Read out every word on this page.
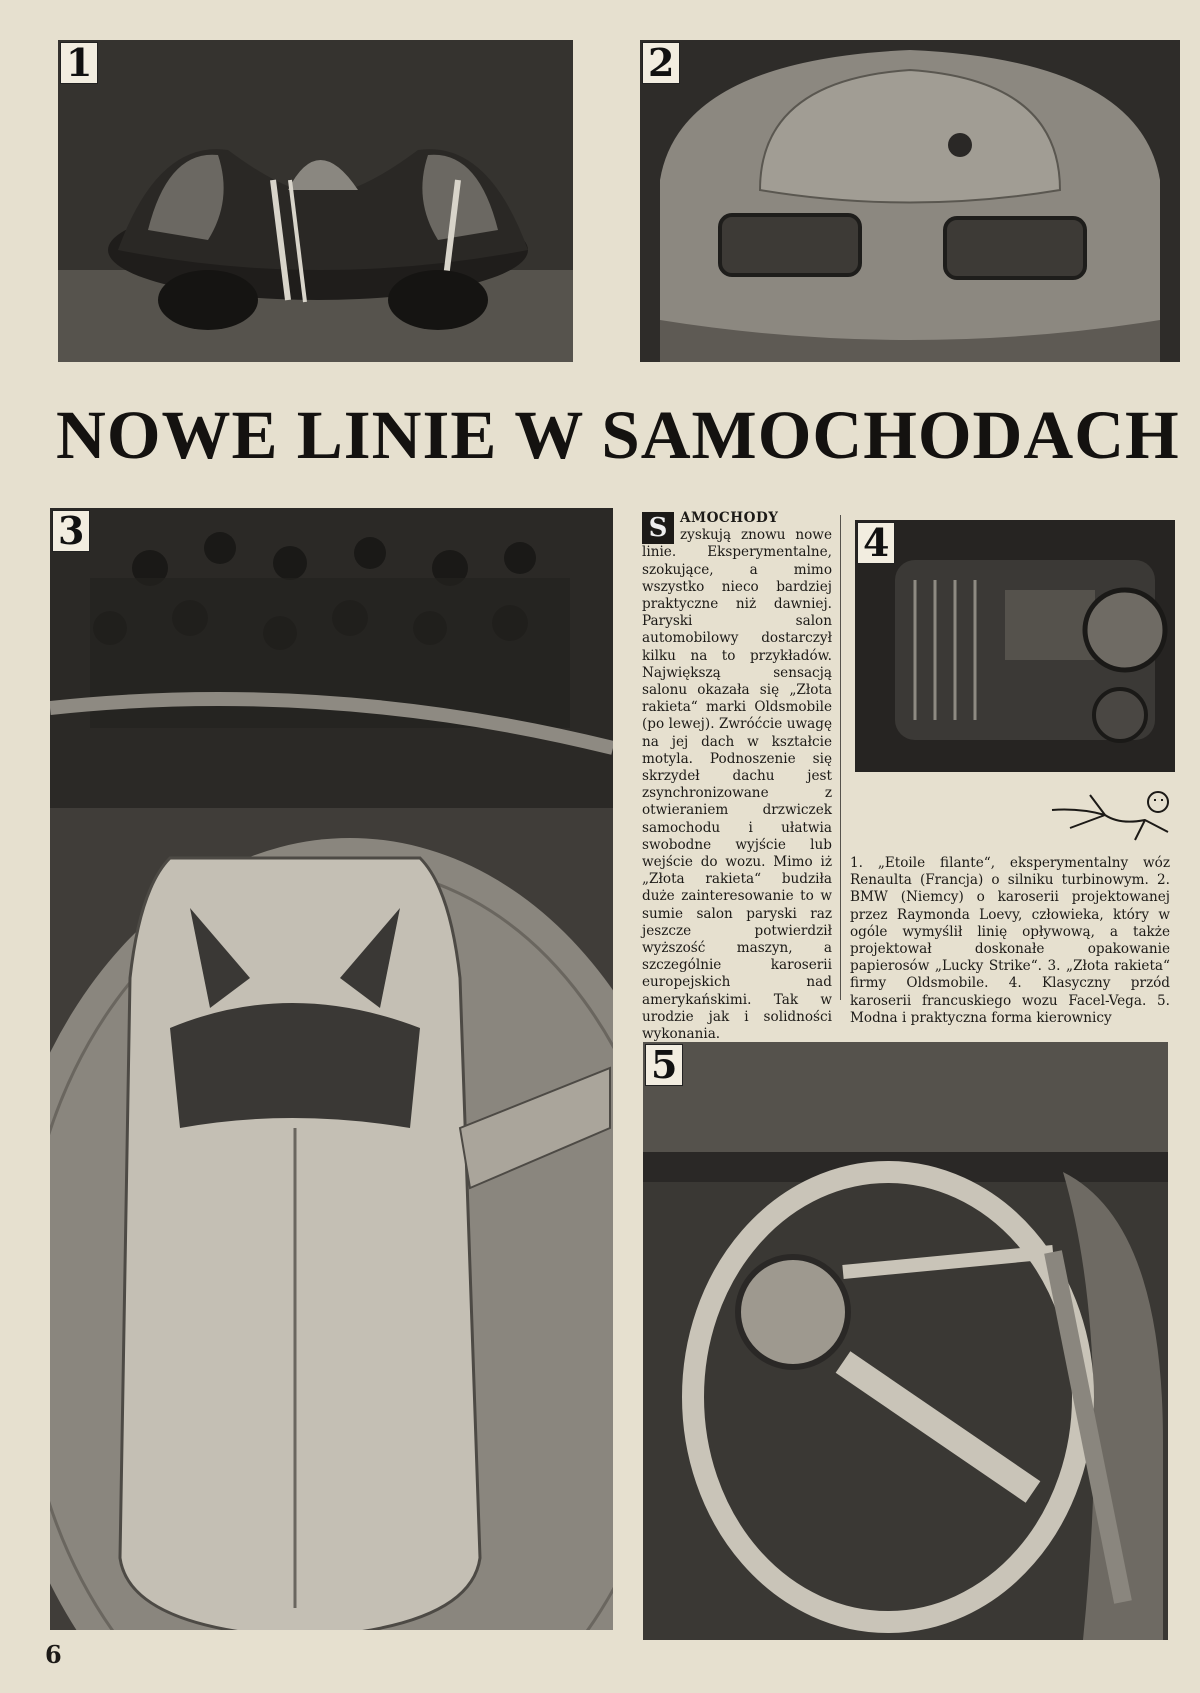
1	2
NOWE LINIE W SAMOCHODACH
3	S AMOCHODY zyskują znowu nowe linie. Eksperymentalne, szokujące, a mimo wszystko nieco bardziej praktyczne niż dawniej. Paryski salon automobilowy dostarczył kilku na to przykładów. Największą sensacją salonu okazała się „Złota rakieta“ marki Oldsmobile (po lewej). Zwróćcie uwagę na jej dach w kształcie motyla. Podnoszenie się skrzydeł dachu jest zsynchronizowane z otwieraniem drzwiczek samochodu i ułatwia swobodne wyjście lub wejście do wozu. Mimo iż „Złota rakieta“ budziła duże zainteresowanie to w sumie salon paryski raz jeszcze potwierdził wyższość maszyn, a szczególnie karoserii europejskich nad amerykańskimi. Tak w urodzie jak i solidności wykonania.
4
1. „Etoile filante“, eksperymentalny wóz Renaulta (Francja) o silniku turbinowym. 2. BMW (Niemcy) o karoserii projektowanej przez Raymonda Loevy, człowieka, który w ogóle wymyślił linię opływową, a także projektował doskonałe opakowanie papierosów „Lucky Strike“. 3. „Złota rakieta“ firmy Oldsmobile. 4. Klasyczny przód karoserii francuskiego wozu Facel-Vega. 5. Modna i praktyczna forma kierownicy
5
6
